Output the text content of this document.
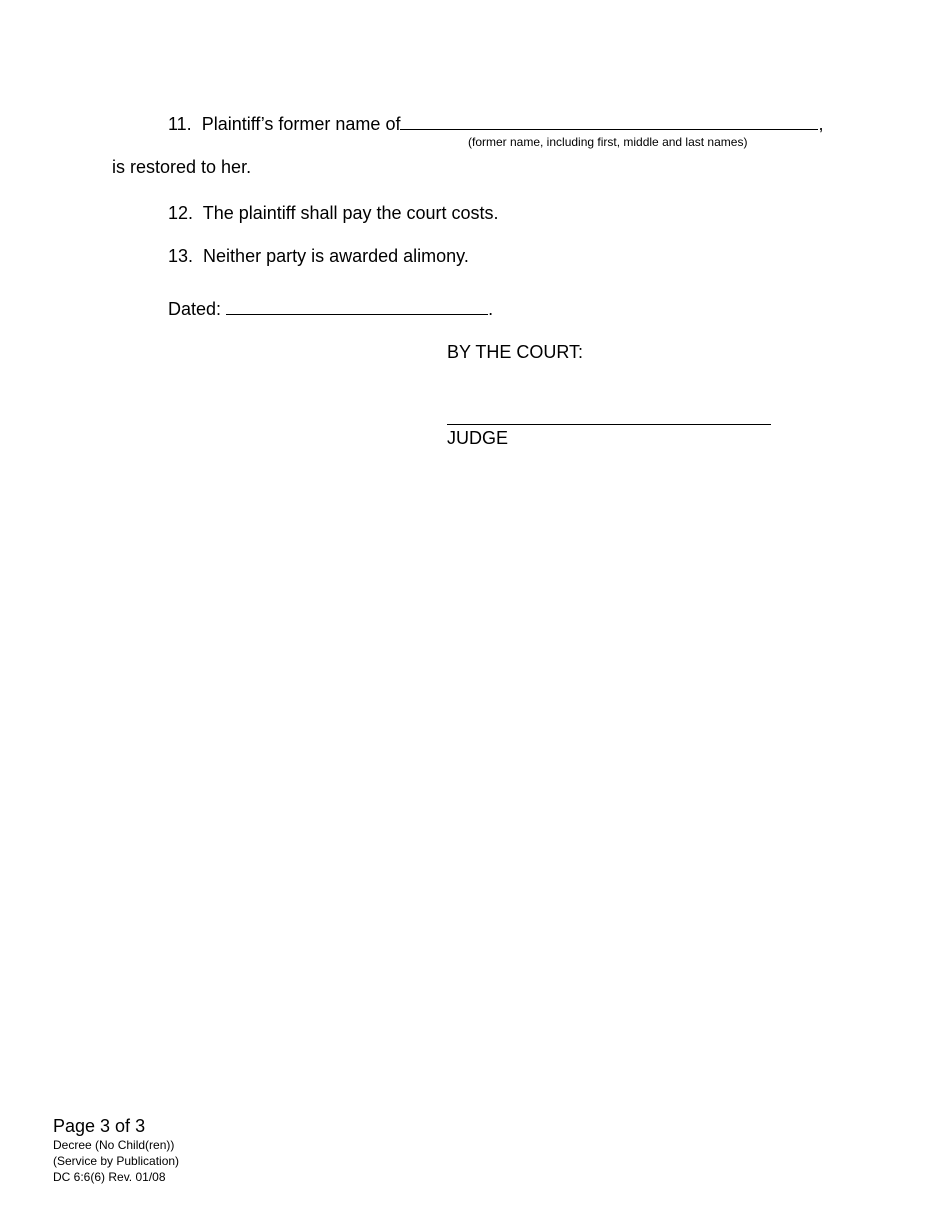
11. Plaintiff’s former name of	,
(former name, including first, middle and last names)
is restored to her.
12. The plaintiff shall pay the court costs.
13. Neither party is awarded alimony.
Dated:	.
BY THE COURT:
JUDGE
Page 3 of 3
Decree (No Child(ren))
(Service by Publication)
DC 6:6(6) Rev. 01/08
